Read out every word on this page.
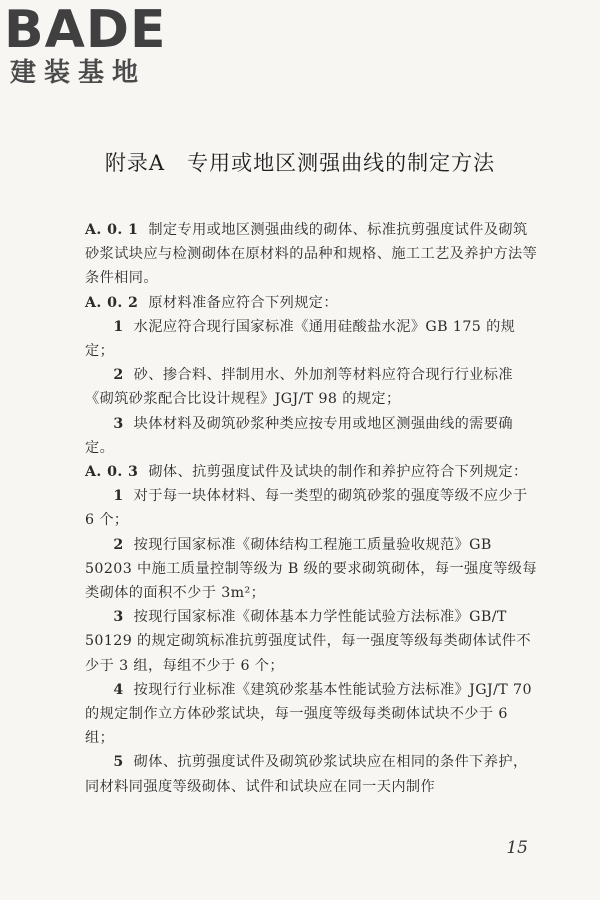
BADE
建装基地
附录A　专用或地区测强曲线的制定方法

A. 0. 1 制定专用或地区测强曲线的砌体、标准抗剪强度试件及砌筑砂浆试块应与检测砌体在原材料的品种和规格、施工工艺及养护方法等条件相同。

A. 0. 2 原材料准备应符合下列规定：

1 水泥应符合现行国家标准《通用硅酸盐水泥》GB 175 的规定；

2 砂、掺合料、拌制用水、外加剂等材料应符合现行行业标准《砌筑砂浆配合比设计规程》JGJ/T 98 的规定；

3 块体材料及砌筑砂浆种类应按专用或地区测强曲线的需要确定。

A. 0. 3 砌体、抗剪强度试件及试块的制作和养护应符合下列规定：

1 对于每一块体材料、每一类型的砌筑砂浆的强度等级不应少于 6 个；

2 按现行国家标准《砌体结构工程施工质量验收规范》GB 50203 中施工质量控制等级为 B 级的要求砌筑砌体，每一强度等级每类砌体的面积不少于 3m²；

3 按现行国家标准《砌体基本力学性能试验方法标准》GB/T 50129 的规定砌筑标准抗剪强度试件，每一强度等级每类砌体试件不少于 3 组，每组不少于 6 个；

4 按现行行业标准《建筑砂浆基本性能试验方法标准》JGJ/T 70 的规定制作立方体砂浆试块，每一强度等级每类砌体试块不少于 6 组；

5 砌体、抗剪强度试件及砌筑砂浆试块应在相同的条件下养护，同材料同强度等级砌体、试件和试块应在同一天内制作

15
